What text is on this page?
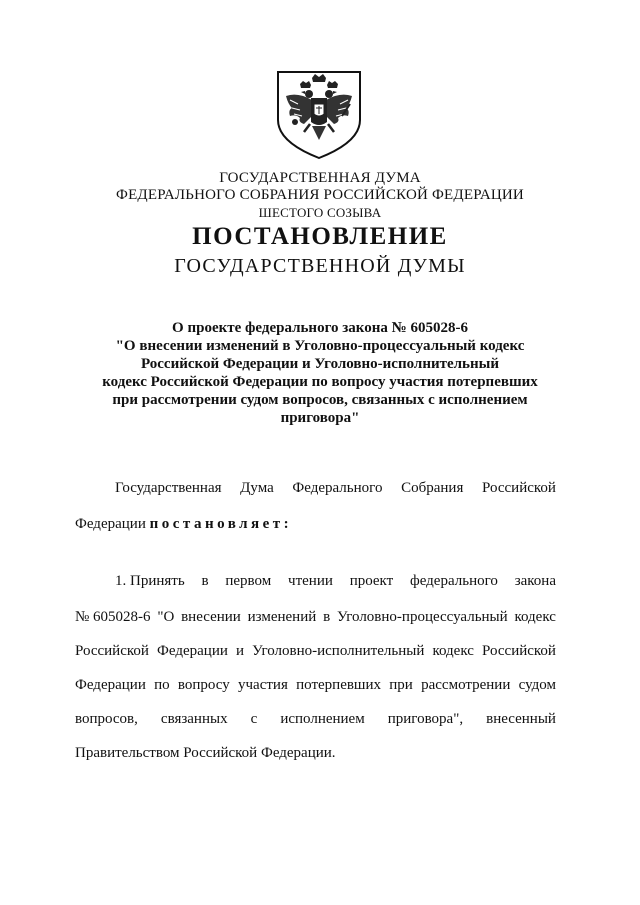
ГОСУДАРСТВЕННАЯ ДУМА
ФЕДЕРАЛЬНОГО СОБРАНИЯ РОССИЙСКОЙ ФЕДЕРАЦИИ
ШЕСТОГО СОЗЫВА
ПОСТАНОВЛЕНИЕ
ГОСУДАРСТВЕННОЙ ДУМЫ
О проекте федерального закона № 605028-6
"О внесении изменений в Уголовно-процессуальный кодекс
Российской Федерации и Уголовно-исполнительный
кодекс Российской Федерации по вопросу участия потерпевших
при рассмотрении судом вопросов, связанных с исполнением
приговора"
Государственная Дума Федерального Собрания Российской
Федерации постановляет:
1. Принять в первом чтении проект федерального закона
№ 605028-6 "О внесении изменений в Уголовно-процессуальный кодекс
Российской Федерации и Уголовно-исполнительный кодекс Российской
Федерации по вопросу участия потерпевших при рассмотрении судом
вопросов, связанных с исполнением приговора", внесенный
Правительством Российской Федерации.
